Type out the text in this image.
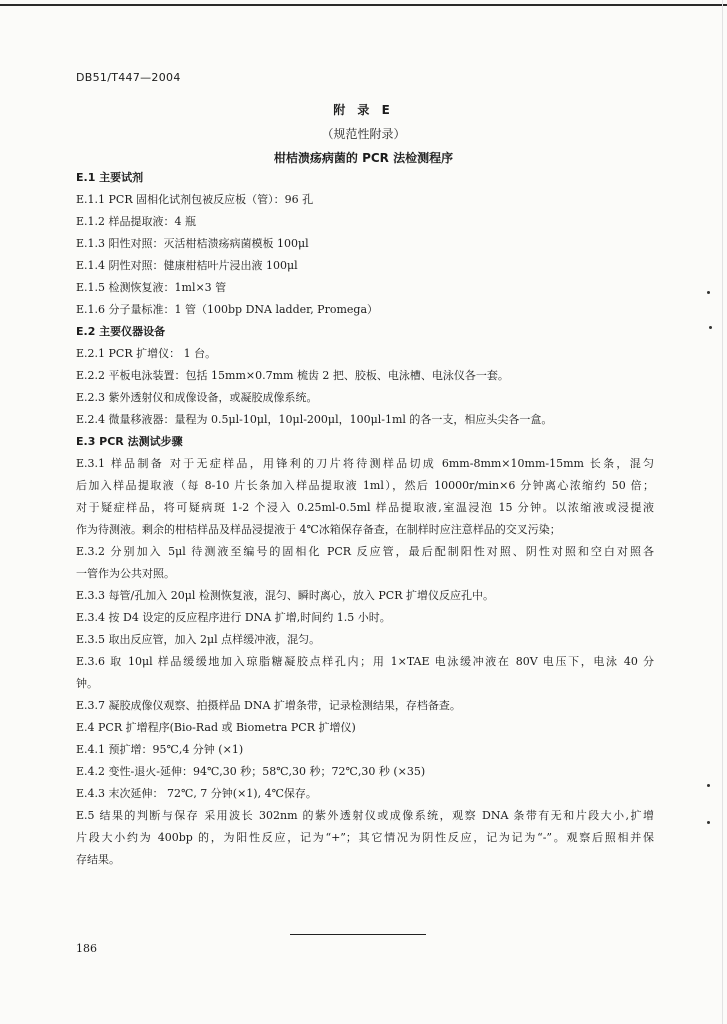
DB51/T447—2004
附 录 E
（规范性附录）
柑桔溃疡病菌的 PCR 法检测程序
E.1 主要试剂
E.1.1 PCR 固相化试剂包被反应板（管）：96 孔
E.1.2 样品提取液：4 瓶
E.1.3 阳性对照：灭活柑桔溃疡病菌模板 100μl
E.1.4 阴性对照：健康柑桔叶片浸出液 100μl
E.1.5 检测恢复液：1ml×3 管
E.1.6 分子量标准：1 管（100bp DNA ladder, Promega）
E.2 主要仪器设备
E.2.1 PCR 扩增仪： 1 台。
E.2.2 平板电泳装置：包括 15mm×0.7mm 梳齿 2 把、胶板、电泳槽、电泳仪各一套。
E.2.3 紫外透射仪和成像设备，或凝胶成像系统。
E.2.4 微量移液器：量程为 0.5μl-10μl，10μl-200μl，100μl-1ml 的各一支，相应头尖各一盒。
E.3 PCR 法测试步骤
E.3.1 样品制备 对于无症样品，用锋利的刀片将待测样品切成 6mm-8mm×10mm-15mm 长条，混匀
后加入样品提取液（每 8-10 片长条加入样品提取液 1ml），然后 10000r/min×6 分钟离心浓缩约 50 倍；
对于疑症样品，将可疑病斑 1-2 个浸入 0.25ml-0.5ml 样品提取液,室温浸泡 15 分钟。以浓缩液或浸提液
作为待测液。剩余的柑桔样品及样品浸提液于 4℃冰箱保存备查，在制样时应注意样品的交叉污染；
E.3.2 分别加入 5μl 待测液至编号的固相化 PCR 反应管，最后配制阳性对照、阴性对照和空白对照各
一管作为公共对照。
E.3.3 每管/孔加入 20μl 检测恢复液，混匀、瞬时离心，放入 PCR 扩增仪反应孔中。
E.3.4 按 D4 设定的反应程序进行 DNA 扩增,时间约 1.5 小时。
E.3.5 取出反应管，加入 2μl 点样缓冲液，混匀。
E.3.6 取 10μl 样品缓缓地加入琼脂糖凝胶点样孔内；用 1×TAE 电泳缓冲液在 80V 电压下，电泳 40 分
钟。
E.3.7 凝胶成像仪观察、拍摄样品 DNA 扩增条带，记录检测结果，存档备查。
E.4 PCR 扩增程序(Bio-Rad 或 Biometra PCR 扩增仪)
E.4.1 预扩增：95℃,4 分钟 (×1)
E.4.2 变性-退火-延伸：94℃,30 秒；58℃,30 秒；72℃,30 秒 (×35)
E.4.3 末次延伸： 72℃, 7 分钟(×1), 4℃保存。
E.5 结果的判断与保存 采用波长 302nm 的紫外透射仪或成像系统，观察 DNA 条带有无和片段大小,扩增
片段大小约为 400bp 的，为阳性反应，记为“+”；其它情况为阴性反应，记为记为“-”。观察后照相并保
存结果。
186
